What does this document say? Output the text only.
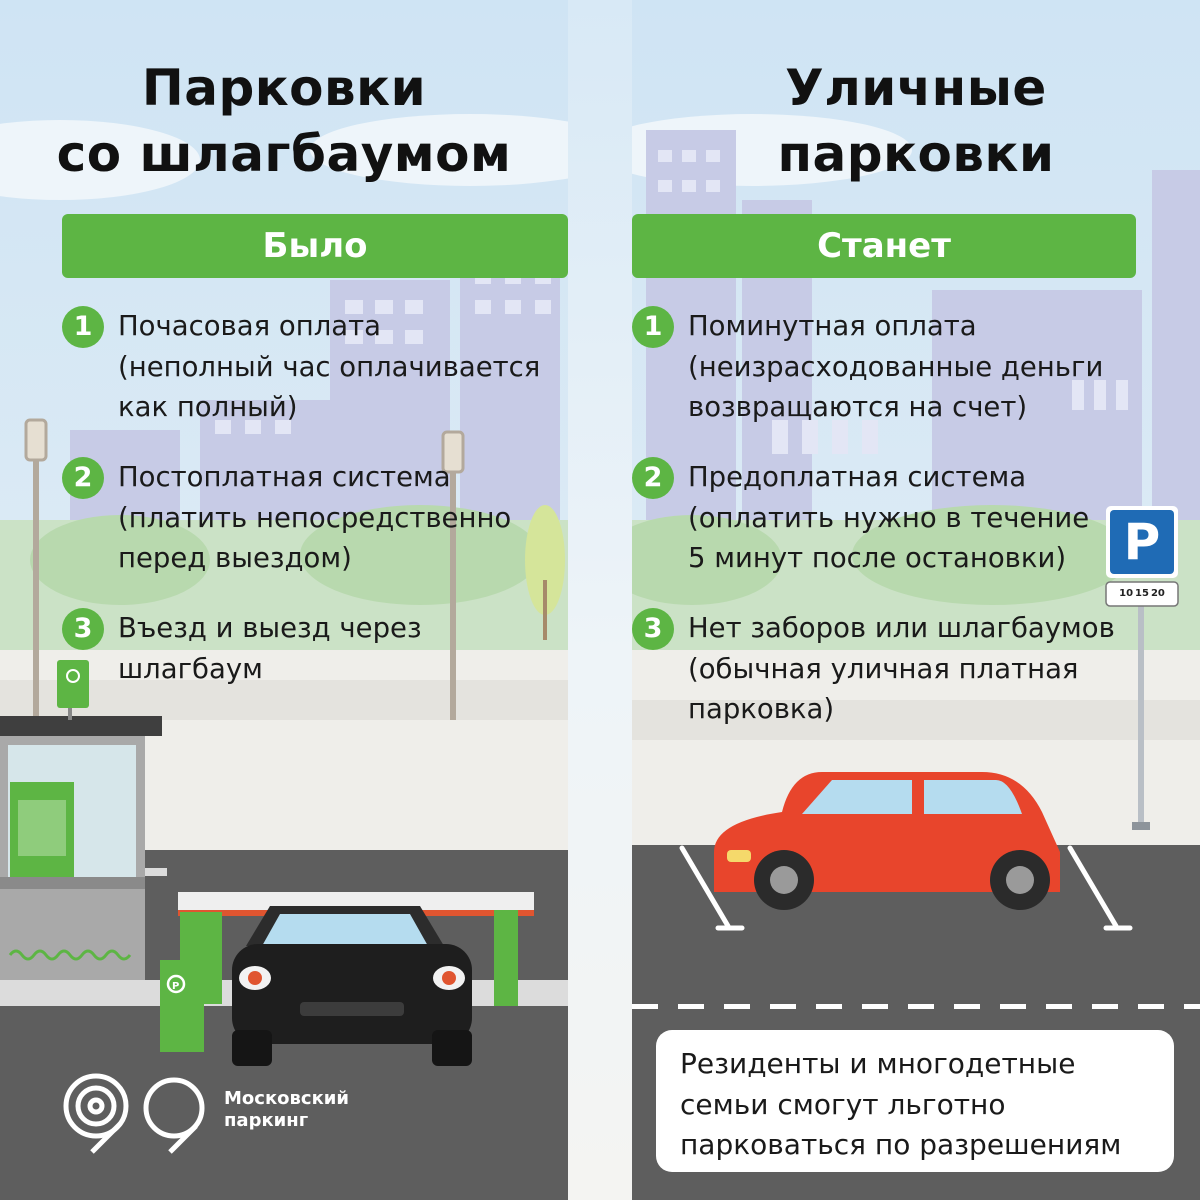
P
Парковки
со шлагбаумом
Было
1 Почасовая оплата
(неполный час оплачивается
как полный)
2 Постоплатная система
(платить непосредственно
перед выездом)
3 Въезд и выезд через
шлагбаум
Московский
паркинг
P
10 15 20
Уличные
парковки
Станет
1 Поминутная оплата
(неизрасходованные деньги
возвращаются на счет)
2 Предоплатная система
(оплатить нужно в течение
5 минут после остановки)
3 Нет заборов или шлагбаумов
(обычная уличная платная
парковка)
Резиденты и многодетные
семьи смогут льготно
парковаться по разрешениям
